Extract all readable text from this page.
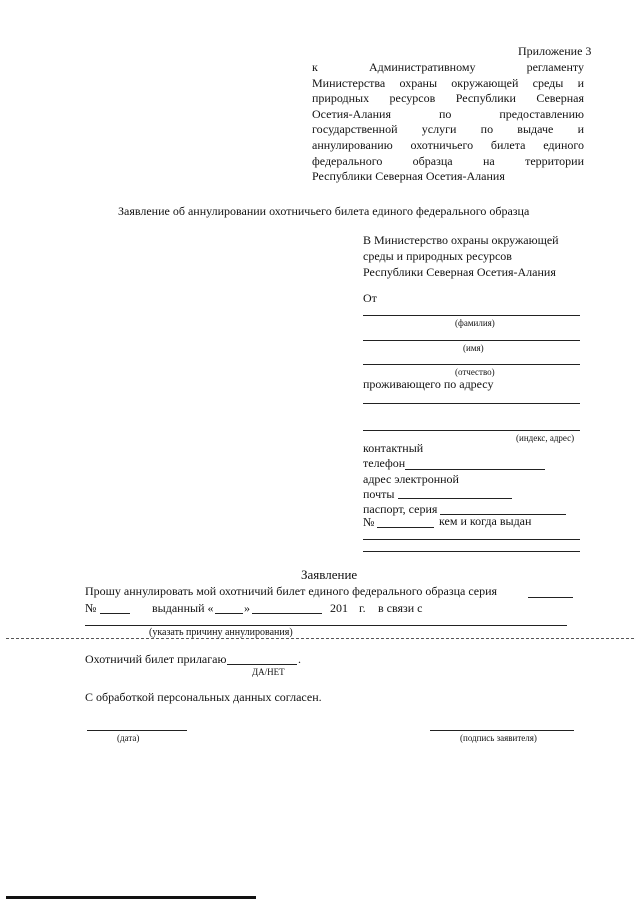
Приложение 3
к Административному регламенту
Министерства охраны окружающей среды и
природных ресурсов Республики Северная
Осетия-Алания по предоставлению
государственной услуги по выдаче и
аннулированию охотничьего билета единого
федерального образца на территории
Республики Северная Осетия-Алания
Заявление об аннулировании охотничьего билета единого федерального образца
В Министерство охраны окружающей
среды и природных ресурсов
Республики Северная Осетия-Алания
От
(фамилия)
(имя)
(отчество)
проживающего по адресу
(индекс, адрес)
контактный
телефон
адрес электронной
почты
паспорт, серия
№	кем и когда выдан
Заявление
Прошу аннулировать мой охотничий билет единого федерального образца серия
№	выданный «	»	201 г. в связи с
(указать причину аннулирования)
Охотничий билет прилагаю	.
ДА/НЕТ
С обработкой персональных данных согласен.
(дата)	(подпись заявителя)
